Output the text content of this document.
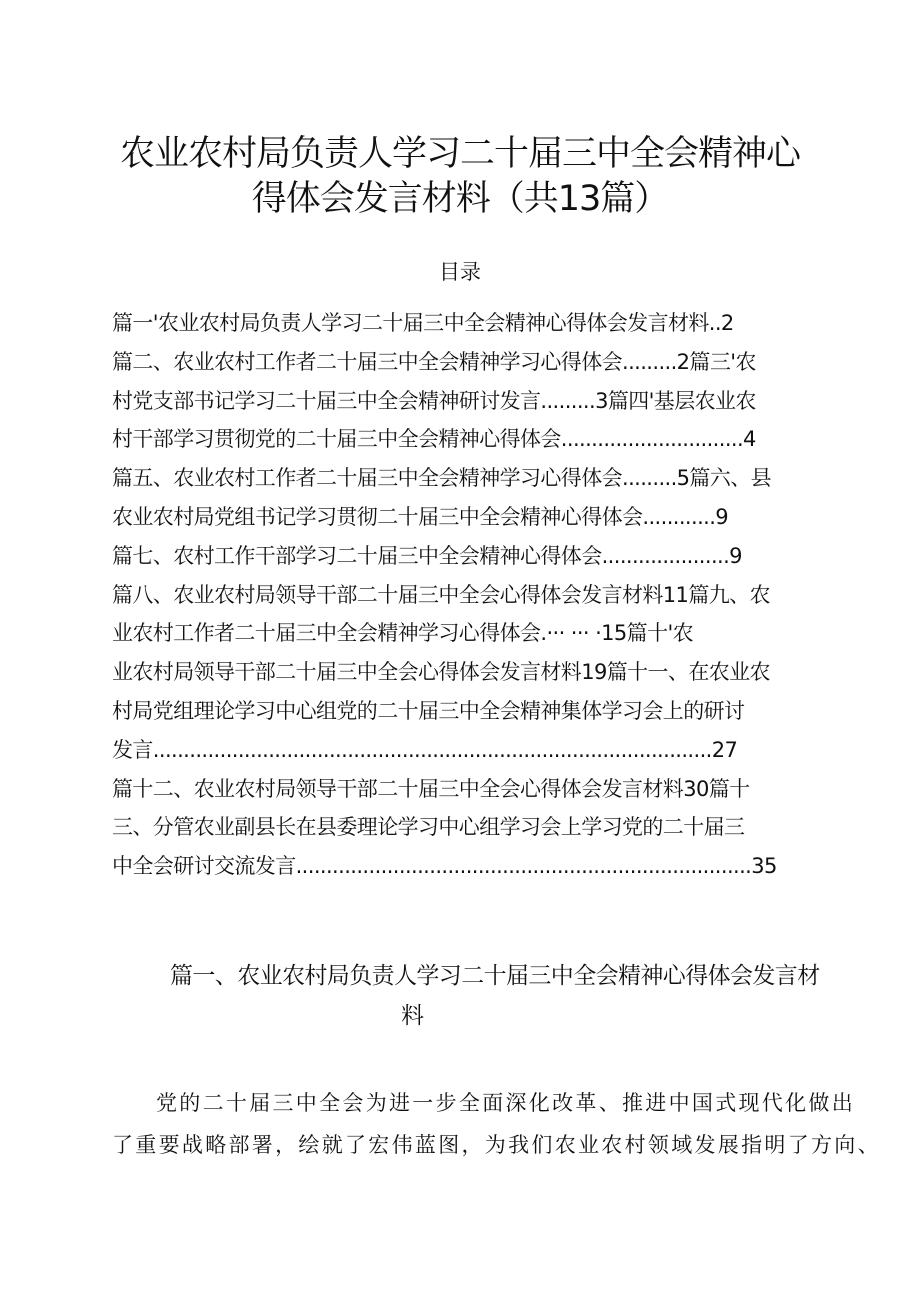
农业农村局负责人学习二十届三中全会精神心
得体会发言材料（共13篇）
目录
篇一'农业农村局负责人学习二十届三中全会精神心得体会发言材料..2
篇二、农业农村工作者二十届三中全会精神学习心得体会.........2篇三'农
村党支部书记学习二十届三中全会精神研讨发言.........3篇四'基层农业农
村干部学习贯彻党的二十届三中全会精神心得体会..............................4
篇五、农业农村工作者二十届三中全会精神学习心得体会.........5篇六、县
农业农村局党组书记学习贯彻二十届三中全会精神心得体会............9
篇七、农村工作干部学习二十届三中全会精神心得体会.....................9
篇八、农业农村局领导干部二十届三中全会心得体会发言材料11篇九、农
业农村工作者二十届三中全会精神学习心得体会.··· ··· ·15篇十'农
业农村局领导干部二十届三中全会心得体会发言材料19篇十一、在农业农
村局党组理论学习中心组党的二十届三中全会精神集体学习会上的研讨
发言............................................................................................27
篇十二、农业农村局领导干部二十届三中全会心得体会发言材料30篇十
三、分管农业副县长在县委理论学习中心组学习会上学习党的二十届三
中全会研讨交流发言...........................................................................35
篇一、农业农村局负责人学习二十届三中全会精神心得体会发言材
料
党的二十届三中全会为进一步全面深化改革、推进中国式现代化做出
了重要战略部署，绘就了宏伟蓝图，为我们农业农村领域发展指明了方向、
